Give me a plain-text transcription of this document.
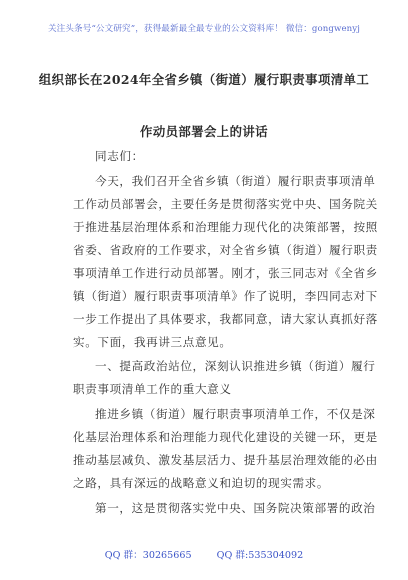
关注头条号“公文研究”，获得最新最全最专业的公文资料库！ 微信：gongwenyj
组织部长在2024年全省乡镇（街道）履行职责事项清单工
作动员部署会上的讲话
同志们：
今天，我们召开全省乡镇（街道）履行职责事项清单
工作动员部署会，主要任务是贯彻落实党中央、国务院关
于推进基层治理体系和治理能力现代化的决策部署，按照
省委、省政府的工作要求，对全省乡镇（街道）履行职责
事项清单工作进行动员部署。刚才，张三同志对《全省乡
镇（街道）履行职责事项清单》作了说明，李四同志对下
一步工作提出了具体要求，我都同意，请大家认真抓好落
实。下面，我再讲三点意见。
一、提高政治站位，深刻认识推进乡镇（街道）履行
职责事项清单工作的重大意义
推进乡镇（街道）履行职责事项清单工作，不仅是深
化基层治理体系和治理能力现代化建设的关键一环，更是
推动基层减负、激发基层活力、提升基层治理效能的必由
之路，具有深远的战略意义和迫切的现实需求。
第一，这是贯彻落实党中央、国务院决策部署的政治
QQ 群：30265665	QQ 群:535304092
